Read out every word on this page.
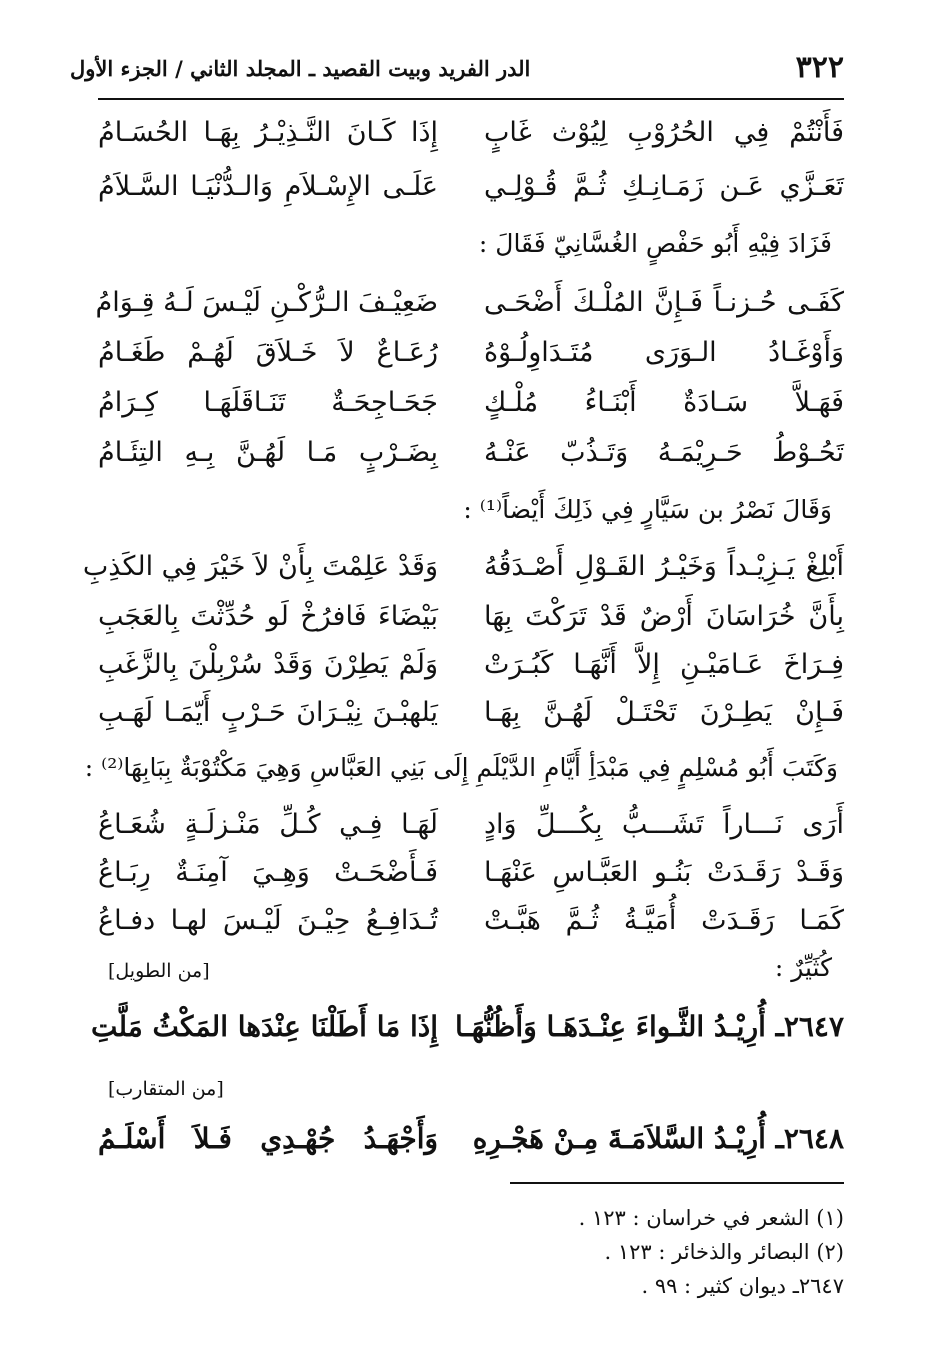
٣٢٢
الدر الفريد وبيت القصيد ـ المجلد الثاني / الجزء الأول
فَأَنْتُمْ فِي الحُرُوْبِ لِيُوْث غَابٍ
إِذَا كَـانَ النَّـذِيْـرُ بِهَـا الحُسَـامُ
تَعَـزَّي عَـن زَمَـانِـكِ ثُـمَّ قُـوْلِـي
عَلَـى الإِسْـلاَمِ وَالـدُّنْيَـا السَّـلاَمُ
فَزَادَ فِيْهِ أَبُو حَفْصٍ الغُسَّانِيّ فَقَالَ :
كَفَـى حُـزنـاً فَـإِنَّ المُلْـكَ أَضْحَـى
ضَعِيْـفَ الـرُّكْـنِ لَيْـسَ لَـهُ قِـوَامُ
وَأَوْغَـادُ الـوَرَى مُتَـدَاوِلُـوْهُ
رُعَـاعٌ لاَ خَـلاَقَ لَهُـمْ طَغَـامُ
فَهَـلاَّ سَـادَةٌ أَبْنَـاءُ مُلْـكٍ
جَحَـاجِحَـةٌ تَنَـاقَلَهَـا كِـرَامُ
تَحُـوْطُ حَـرِيْمَـهُ وَتَـذُبّ عَنْـهُ
بِضَـرْبٍ مَـا لَهُـنَّ بِـهِ التِئَـامُ
وَقَالَ نَصْرُ بن سَيَّارٍ فِي ذَلِكَ أَيْضاً⁽¹⁾ :
أَبْلِغْ يَـزِيْـداً وَخَيْـرُ القَـوْلِ أَصْـدَقُهُ
وَقَدْ عَلِمْتَ بِأَنْ لاَ خَيْرَ فِي الكَذِبِ
بِأَنَّ خُرَاسَانَ أَرْضٌ قَدْ تَرَكْتَ بِهَا
بَيْضَاءَ فَافرُخْ لَو حُدِّثْتَ بِالعَجَبِ
فِـرَاخَ عَـامَيْـنِ إِلاَّ أَنَّهَـا كَبُـرَتْ
وَلَمْ يَطِرْنَ وَقَدْ سُرْبِلْنَ بِالزَّغَبِ
فَـإِنْ يَطِـرْنَ تَحْتَـلْ لَهُـنَّ بِهَـا
يَلهبْـنَ نِيْـرَانَ حَـرْبٍ أَيّمَـا لَهَـبِ
وَكَتَبَ أَبُو مُسْلِمٍ فِي مَبْدَأِ أَيَّامِ الدَّيْلَمِ إِلَى بَنِي العَبَّاسِ وَهِيَ مَكْتُوْبَةٌ بِبَابِهَا⁽²⁾ :
أَرَى نَـــاراً تَشَـــبُّ بِكُـــلِّ وَادٍ
لَهَـا فِـي كُـلِّ مَنْـزلَـةٍ شُعَـاعُ
وَقَـدْ رَقَـدَتْ بَنُـو العَبَّـاسِ عَنْهَـا
فَـأَضْحَـتْ وَهِـيَ آمِنَـةٌ رِبَـاعُ
كَمَـا رَقَـدَتْ أُمَيَّـةُ ثُـمَّ هَبَّـتْ
تُـدَافِـعُ حِيْـنَ لَيْـسَ لهـا دفـاعُ
كُثَيِّرٌ :
[من الطويل]
٢٦٤٧ـ أُرِيْـدُ الثَّـواءَ عِنْـدَهَـا وَأَظُنُّهَـا
إِذَا مَا أَطَلْنَا عِنْدَها المَكْثُ مَلَّتِ
[من المتقارب]
٢٦٤٨ـ أُرِيْـدُ السَّلاَمَـةَ مِـنْ هَجْـرِهِ
وَأَجْهَـدُ جُهْـدِي فَـلاَ أَسْلَـمُ
(١) الشعر في خراسان : ١٢٣ .
(٢) البصائر والذخائر : ١٢٣ .
٢٦٤٧ـ ديوان كثير : ٩٩ .
